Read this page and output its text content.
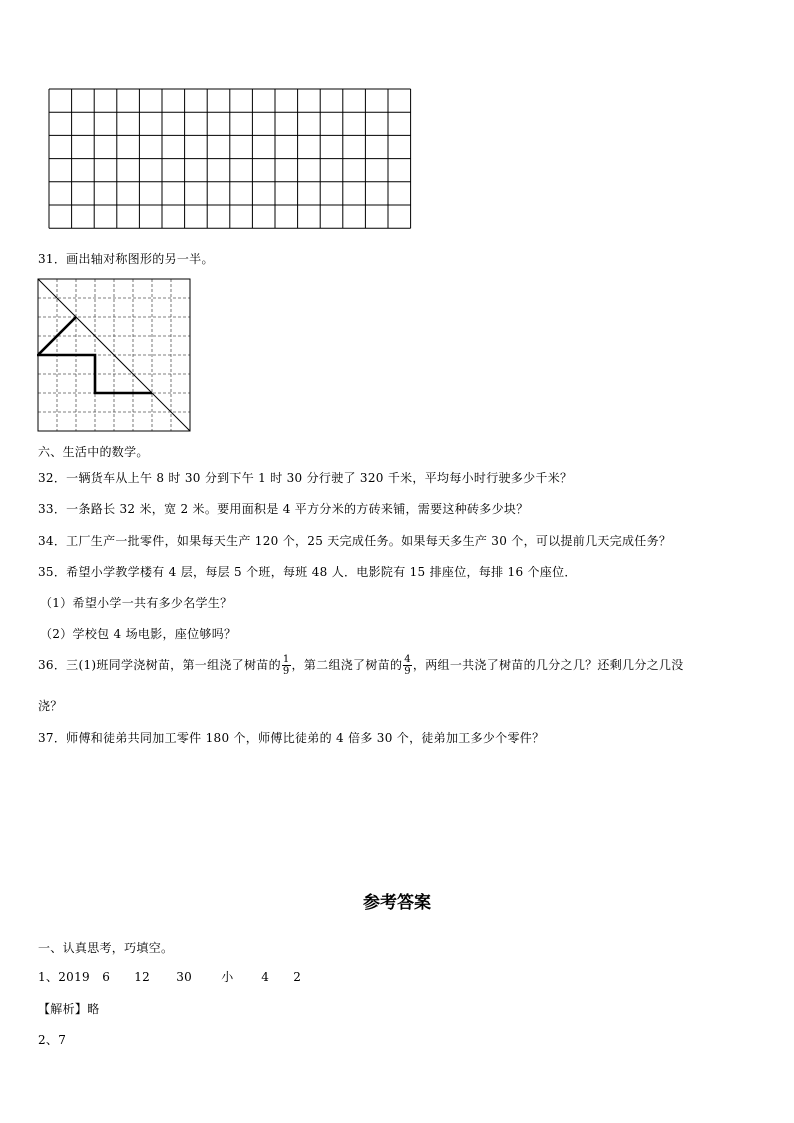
31．画出轴对称图形的另一半。
六、生活中的数学。
32．一辆货车从上午 8 时 30 分到下午 1 时 30 分行驶了 320 千米，平均每小时行驶多少千米？
33．一条路长 32 米，宽 2 米。要用面积是 4 平方分米的方砖来铺，需要这种砖多少块？
34．工厂生产一批零件，如果每天生产 120 个，25 天完成任务。如果每天多生产 30 个，可以提前几天完成任务？
35．希望小学教学楼有 4 层，每层 5 个班，每班 48 人．电影院有 15 排座位，每排 16 个座位．
（1）希望小学一共有多少名学生？
（2）学校包 4 场电影，座位够吗？
36．三(1)班同学浇树苗，第一组浇了树苗的 $\frac{1}{9}$ ，第二组浇了树苗的 $\frac{4}{9}$ ，两组一共浇了树苗的几分之几？还剩几分之几没
浇？
37．师傅和徒弟共同加工零件 180 个，师傅比徒弟的 4 倍多 30 个，徒弟加工多少个零件？
参考答案
一、认真思考，巧填空。
1、2019 6 12 30 小 4 2
【解析】略
2、7
